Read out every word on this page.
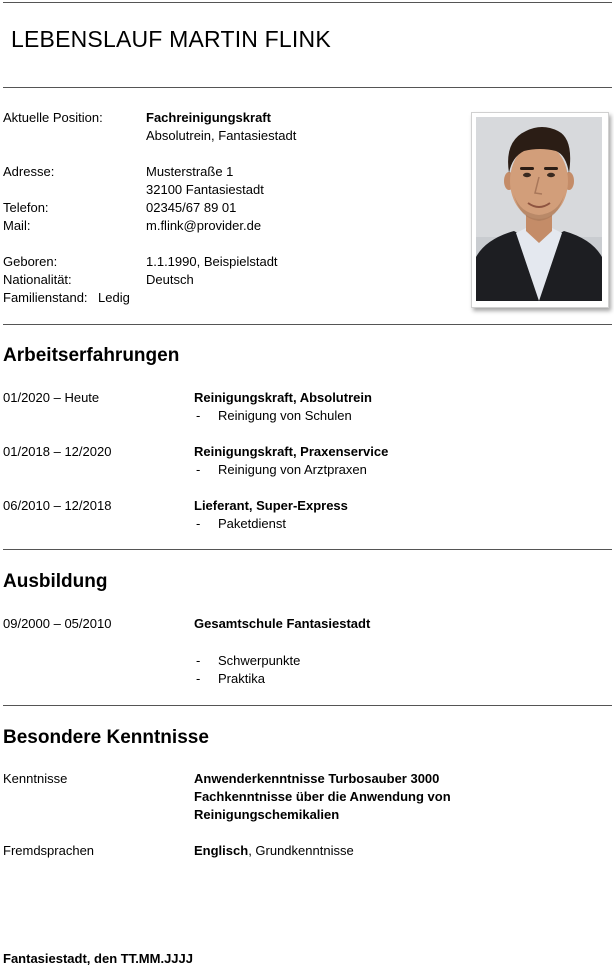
LEBENSLAUF MARTIN FLINK
Aktuelle Position:	Fachreinigungskraft
Absolutrein, Fantasiestadt
Adresse:	Musterstraße 1
32100 Fantasiestadt
Telefon:	02345/67 89 01
Mail:	m.flink@provider.de
Geboren:	1.1.1990, Beispielstadt
Nationalität:	Deutsch
Familienstand: Ledig
Arbeitserfahrungen
01/2020 – Heute	Reinigungskraft, Absolutrein
- Reinigung von Schulen
01/2018 – 12/2020	Reinigungskraft, Praxenservice
- Reinigung von Arztpraxen
06/2010 – 12/2018	Lieferant, Super-Express
- Paketdienst
Ausbildung
09/2000 – 05/2010	Gesamtschule Fantasiestadt
- Schwerpunkte
- Praktika
Besondere Kenntnisse
Kenntnisse	Anwenderkenntnisse Turbosauber 3000
Fachkenntnisse über die Anwendung von
Reinigungschemikalien
Fremdsprachen	Englisch, Grundkenntnisse
Fantasiestadt, den TT.MM.JJJJ
